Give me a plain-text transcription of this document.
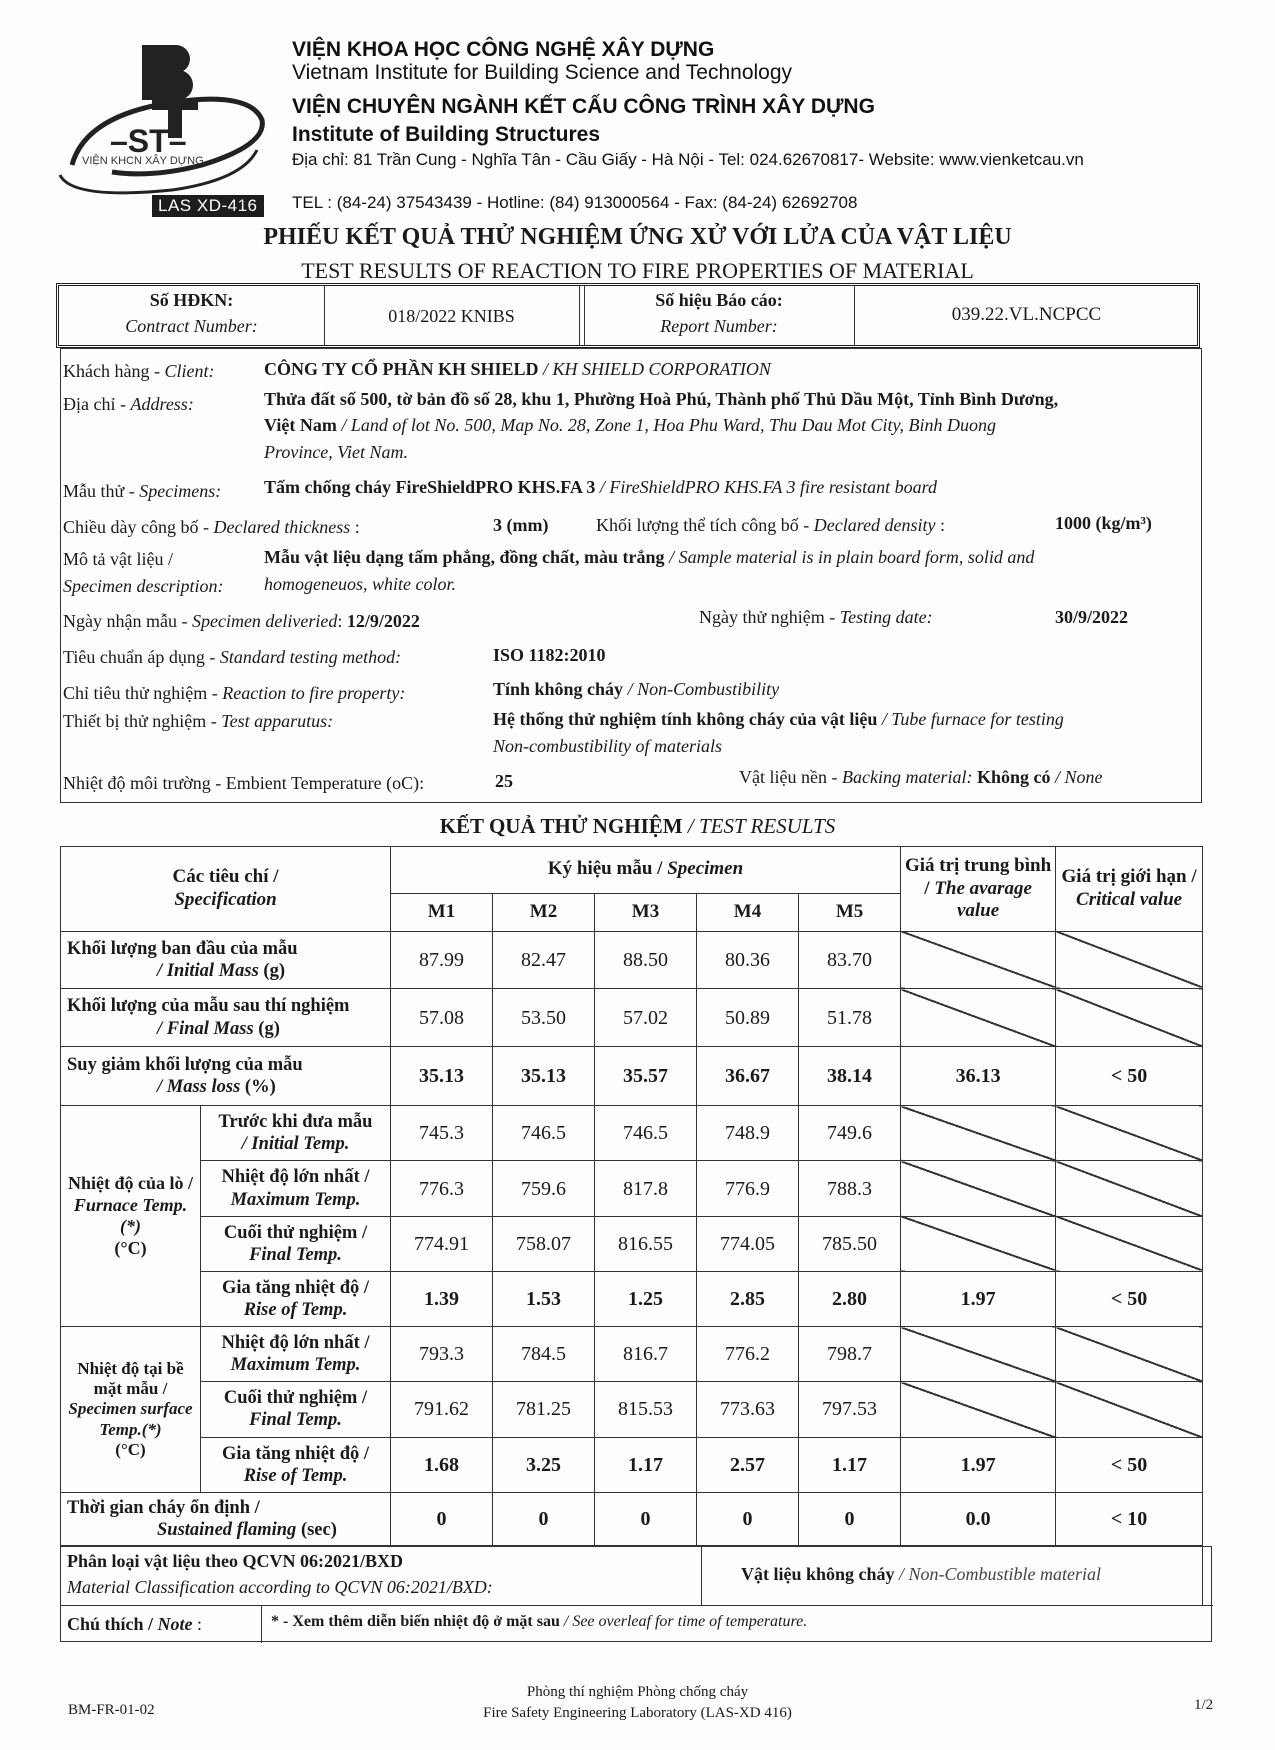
–ST–
VIỆN KHCN XÂY DỰNG
LAS XD-416
VIỆN KHOA HỌC CÔNG NGHỆ XÂY DỰNG
Vietnam Institute for Building Science and Technology
VIỆN CHUYÊN NGÀNH KẾT CẤU CÔNG TRÌNH XÂY DỰNG
Institute of Building Structures
Địa chỉ: 81 Trần Cung - Nghĩa Tân - Cầu Giấy - Hà Nội - Tel: 024.62670817- Website: www.vienketcau.vn
TEL : (84-24) 37543439 - Hotline: (84) 913000564 - Fax: (84-24) 62692708
PHIẾU KẾT QUẢ THỬ NGHIỆM ỨNG XỬ VỚI LỬA CỦA VẬT LIỆU
TEST RESULTS OF REACTION TO FIRE PROPERTIES OF MATERIAL
Số HĐKN:
Contract Number:	018/2022 KNIBS
Số hiệu Báo cáo:
Report Number:
039.22.VL.NCPCC
Khách hàng - Client:	CÔNG TY CỔ PHẦN KH SHIELD / KH SHIELD CORPORATION
Địa chỉ - Address:	Thửa đất số 500, tờ bản đồ số 28, khu 1, Phường Hoà Phú, Thành phố Thủ Dầu Một, Tỉnh Bình Dương,
Việt Nam / Land of lot No. 500, Map No. 28, Zone 1, Hoa Phu Ward, Thu Dau Mot City, Binh Duong
Province, Viet Nam.
Mẫu thử - Specimens: Tấm chống cháy FireShieldPRO KHS.FA 3 / FireShieldPRO KHS.FA 3 fire resistant board
Chiều dày công bố - Declared thickness :	3 (mm)	Khối lượng thể tích công bố - Declared density :	1000 (kg/m³)
Mô tả vật liệu /
Specimen description:
Mẫu vật liệu dạng tấm phẳng, đồng chất, màu trắng / Sample material is in plain board form, solid and
homogeneuos, white color.
Ngày nhận mẫu - Specimen deliveried: 12/9/2022	Ngày thử nghiệm - Testing date:	30/9/2022
Tiêu chuẩn áp dụng - Standard testing method:	ISO 1182:2010
Chỉ tiêu thử nghiệm - Reaction to fire property:	Tính không cháy / Non-Combustibility
Thiết bị thử nghiệm - Test apparutus:	Hệ thống thử nghiệm tính không cháy của vật liệu / Tube furnace for testing
Non-combustibility of materials
Nhiệt độ môi trường - Embient Temperature (oC):	25	Vật liệu nền - Backing material: Không có / None
KẾT QUẢ THỬ NGHIỆM / TEST RESULTS
Các tiêu chí /
Specification		Ký hiệu mẫu / Specimen					Giá trị trung bình / The avarage value	Giá trị giới hạn / Critical value
		M1	M2	M3	M4	M5		
Khối lượng ban đầu của mẫu
/ Initial Mass (g)		87.99	82.47	88.50	80.36	83.70		
Khối lượng của mẫu sau thí nghiệm
/ Final Mass (g)		57.08	53.50	57.02	50.89	51.78		
Suy giảm khối lượng của mẫu
/ Mass loss (%)		35.13	35.13	35.57	36.67	38.14	36.13	< 50
Nhiệt độ của lò /
Furnace Temp.(*)
(°C)	Trước khi đưa mẫu
/ Initial Temp.	745.3	746.5	746.5	748.9	749.6		
	Nhiệt độ lớn nhất /
Maximum Temp.	776.3	759.6	817.8	776.9	788.3		
	Cuối thử nghiệm /
Final Temp.	774.91	758.07	816.55	774.05	785.50		
	Gia tăng nhiệt độ /
Rise of Temp.	1.39	1.53	1.25	2.85	2.80	1.97	< 50
Nhiệt độ tại bề mặt mẫu /
Specimen surface Temp.(*)
(°C)	Nhiệt độ lớn nhất /
Maximum Temp.	793.3	784.5	816.7	776.2	798.7		
	Cuối thử nghiệm /
Final Temp.	791.62	781.25	815.53	773.63	797.53		
	Gia tăng nhiệt độ /
Rise of Temp.	1.68	3.25	1.17	2.57	1.17	1.97	< 50
Thời gian cháy ổn định /
Sustained flaming (sec)		0	0	0	0	0	0.0	< 10
Phân loại vật liệu theo QCVN 06:2021/BXD
Material Classification according to QCVN 06:2021/BXD:
Vật liệu không cháy / Non-Combustible material
Chú thích / Note :	* - Xem thêm diễn biến nhiệt độ ở mặt sau / See overleaf for time of temperature.
BM-FR-01-02
Phòng thí nghiệm Phòng chống cháy
Fire Safety Engineering Laboratory (LAS-XD 416)	1/2
